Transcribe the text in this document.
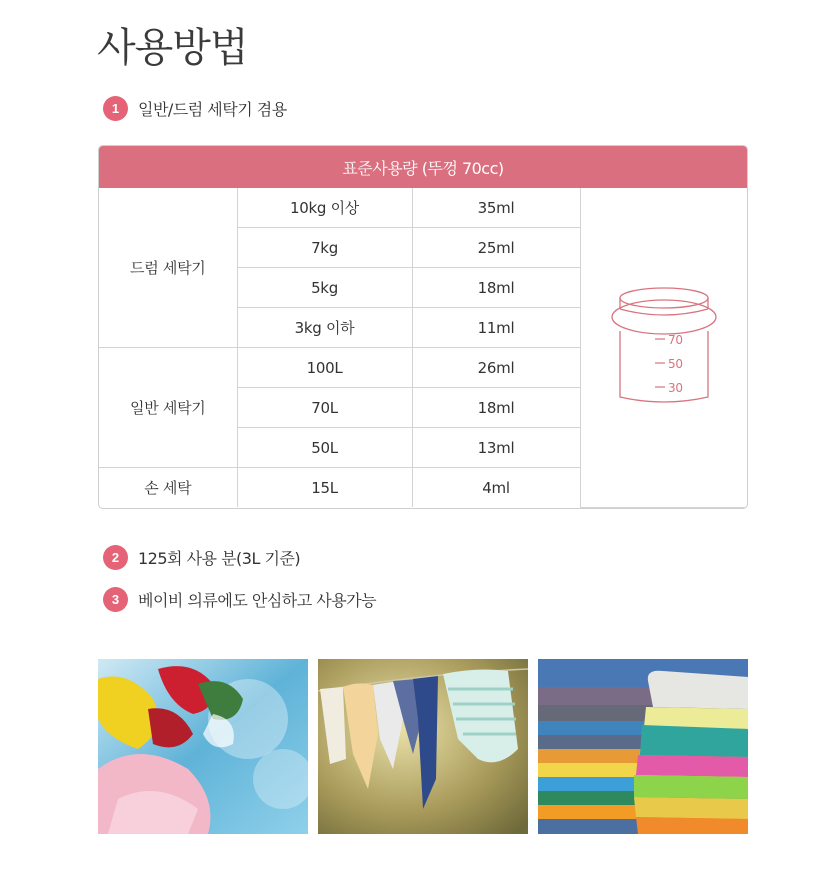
사용방법
1	일반/드럼 세탁기 겸용
표준사용량 (뚜껑 70cc)
드럼 세탁기	10kg 이상	35ml	70
50
30

	7kg	25ml	
	5kg	18ml	
	3kg 이하	11ml	
일반 세탁기	100L	26ml	
	70L	18ml	
	50L	13ml	
손 세탁	15L	4ml	
2	125회 사용 분(3L 기준)
3	베이비 의류에도 안심하고 사용가능
